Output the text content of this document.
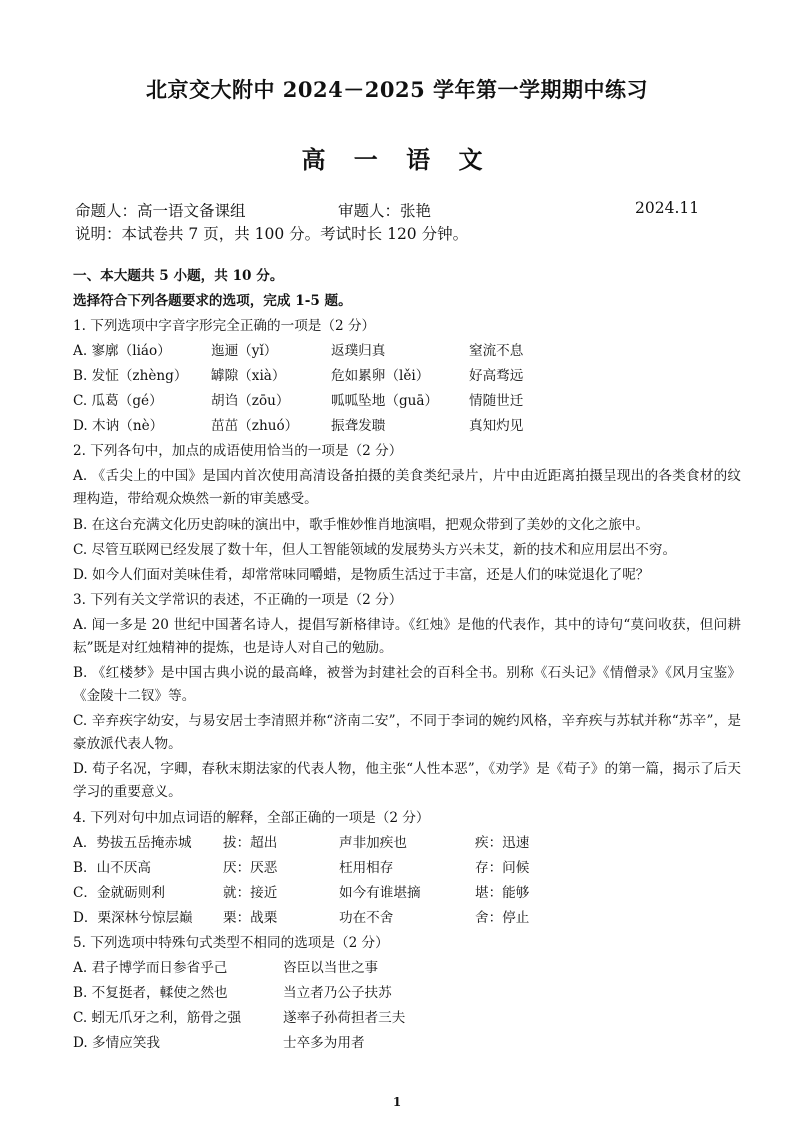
北京交大附中 2024－2025 学年第一学期期中练习
高 一 语 文
命题人：高一语文备课组	审题人：张艳	2024.11
说明：本试卷共 7 页，共 100 分。考试时长 120 分钟。
一、本大题共 5 小题，共 10 分。
选择符合下列各题要求的选项，完成 1-5 题。
1. 下列选项中字音字形完全正确的一项是（2 分）
A. 寥廓（liáo）	迤逦（yǐ）	返璞归真	窒流不息
B. 发怔（zhèng） 罅隙（xià）	危如累卵（lěi）	好高骛远
C. 瓜葛（gé）	胡诌（zōu）	呱呱坠地（guā） 情随世迁
D. 木讷（nè）	茁茁（zhuó） 振聋发聩	真知灼见
2. 下列各句中，加点的成语使用恰当的一项是（2 分）
A. 《舌尖上的中国》是国内首次使用高清设备拍摄的美食类纪录片，片中由近距离拍摄呈现出的各类食材的纹理构造，带给观众焕然一新的审美感受。
B. 在这台充满文化历史韵味的演出中，歌手惟妙惟肖地演唱，把观众带到了美妙的文化之旅中。
C. 尽管互联网已经发展了数十年，但人工智能领域的发展势头方兴未艾，新的技术和应用层出不穷。
D. 如今人们面对美味佳肴，却常常味同嚼蜡，是物质生活过于丰富，还是人们的味觉退化了呢？
3. 下列有关文学常识的表述，不正确的一项是（2 分）
A. 闻一多是 20 世纪中国著名诗人，提倡写新格律诗。《红烛》是他的代表作，其中的诗句“莫问收获，但问耕耘”既是对红烛精神的提炼，也是诗人对自己的勉励。
B. 《红楼梦》是中国古典小说的最高峰，被誉为封建社会的百科全书。别称《石头记》《情僧录》《风月宝鉴》《金陵十二钗》等。
C. 辛弃疾字幼安，与易安居士李清照并称“济南二安”，不同于李词的婉约风格，辛弃疾与苏轼并称“苏辛”，是豪放派代表人物。
D. 荀子名况，字卿，春秋末期法家的代表人物，他主张“人性本恶”，《劝学》是《荀子》的第一篇，揭示了后天学习的重要意义。
4. 下列对句中加点词语的解释，全部正确的一项是（2 分）
A．势拔五岳掩赤城 拔：超出	声非加疾也	疾：迅速
B．山不厌高	厌：厌恶	枉用相存	存：问候
C．金就砺则利	就：接近	如今有谁堪摘	堪：能够
D．栗深林兮惊层巅 栗：战栗	功在不舍	舍：停止
5. 下列选项中特殊句式类型不相同的选项是（2 分）
A. 君子博学而日参省乎己	咨臣以当世之事
B. 不复挺者，輮使之然也	当立者乃公子扶苏
C. 蚓无爪牙之利，筋骨之强	遂率子孙荷担者三夫
D. 多情应笑我	士卒多为用者
1
